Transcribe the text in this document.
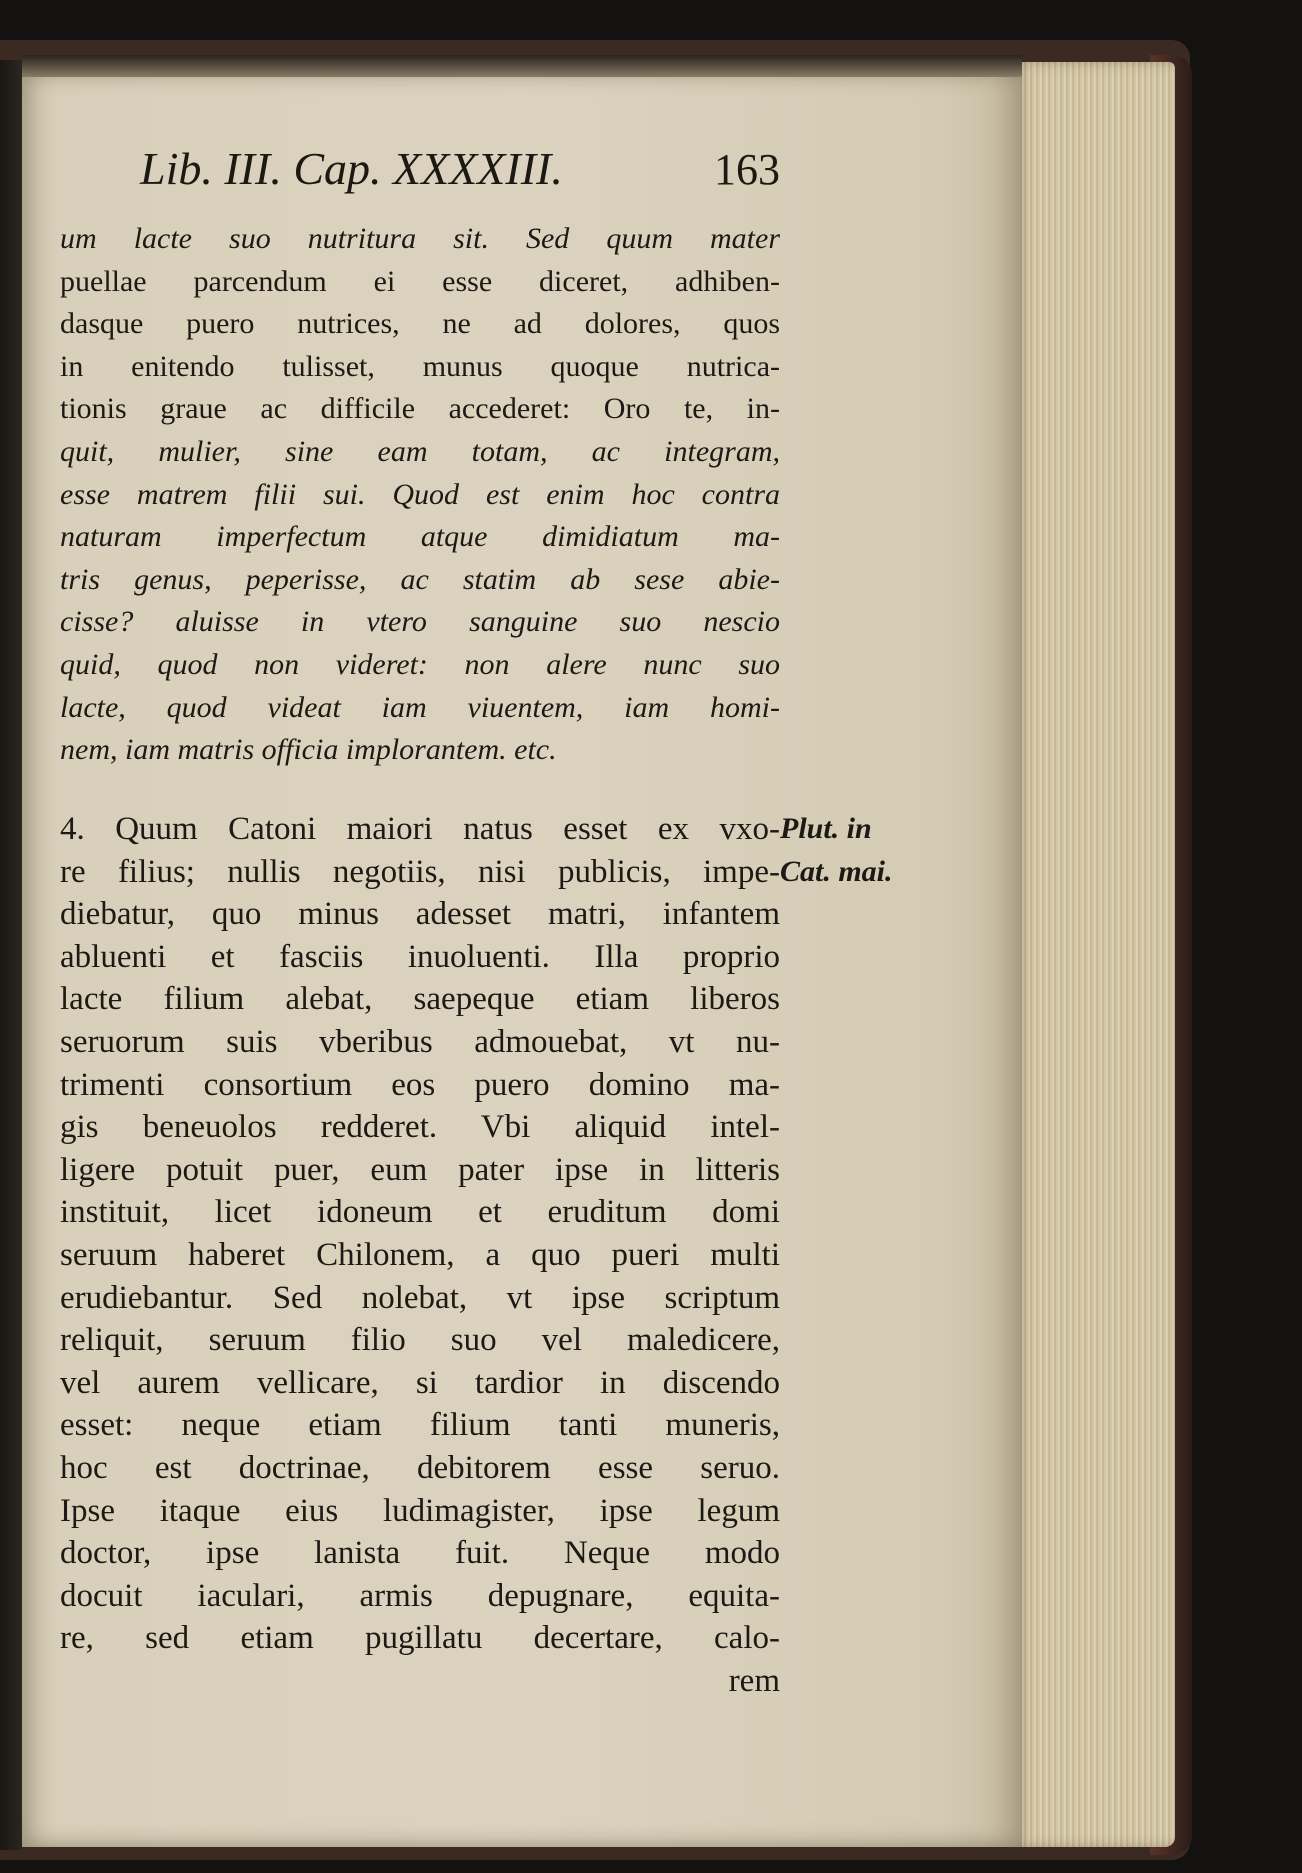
Lib. III. Cap. XXXXIII.	163
um lacte suo nutritura sit. Sed quum mater
puellae parcendum ei esse diceret, adhiben-
dasque puero nutrices, ne ad dolores, quos
in enitendo tulisset, munus quoque nutrica-
tionis graue ac difficile accederet: Oro te, in-
quit, mulier, sine eam totam, ac integram,
esse matrem filii sui. Quod est enim hoc contra
naturam imperfectum atque dimidiatum ma-
tris genus, peperisse, ac statim ab sese abie-
cisse? aluisse in vtero sanguine suo nescio
quid, quod non videret: non alere nunc suo
lacte, quod videat iam viuentem, iam homi-
nem, iam matris officia implorantem. etc.
4. Quum Catoni maiori natus esset ex vxo-
re filius; nullis negotiis, nisi publicis, impe-
diebatur, quo minus adesset matri, infantem
abluenti et fasciis inuoluenti. Illa proprio
lacte filium alebat, saepeque etiam liberos
seruorum suis vberibus admouebat, vt nu-
trimenti consortium eos puero domino ma-
gis beneuolos redderet. Vbi aliquid intel-
ligere potuit puer, eum pater ipse in litteris
instituit, licet idoneum et eruditum domi
seruum haberet Chilonem, a quo pueri multi
erudiebantur. Sed nolebat, vt ipse scriptum
reliquit, seruum filio suo vel maledicere,
vel aurem vellicare, si tardior in discendo
esset: neque etiam filium tanti muneris,
hoc est doctrinae, debitorem esse seruo.
Ipse itaque eius ludimagister, ipse legum
doctor, ipse lanista fuit. Neque modo
docuit iaculari, armis depugnare, equita-
re, sed etiam pugillatu decertare, calo-
rem
Plut. in
Cat. mai.
